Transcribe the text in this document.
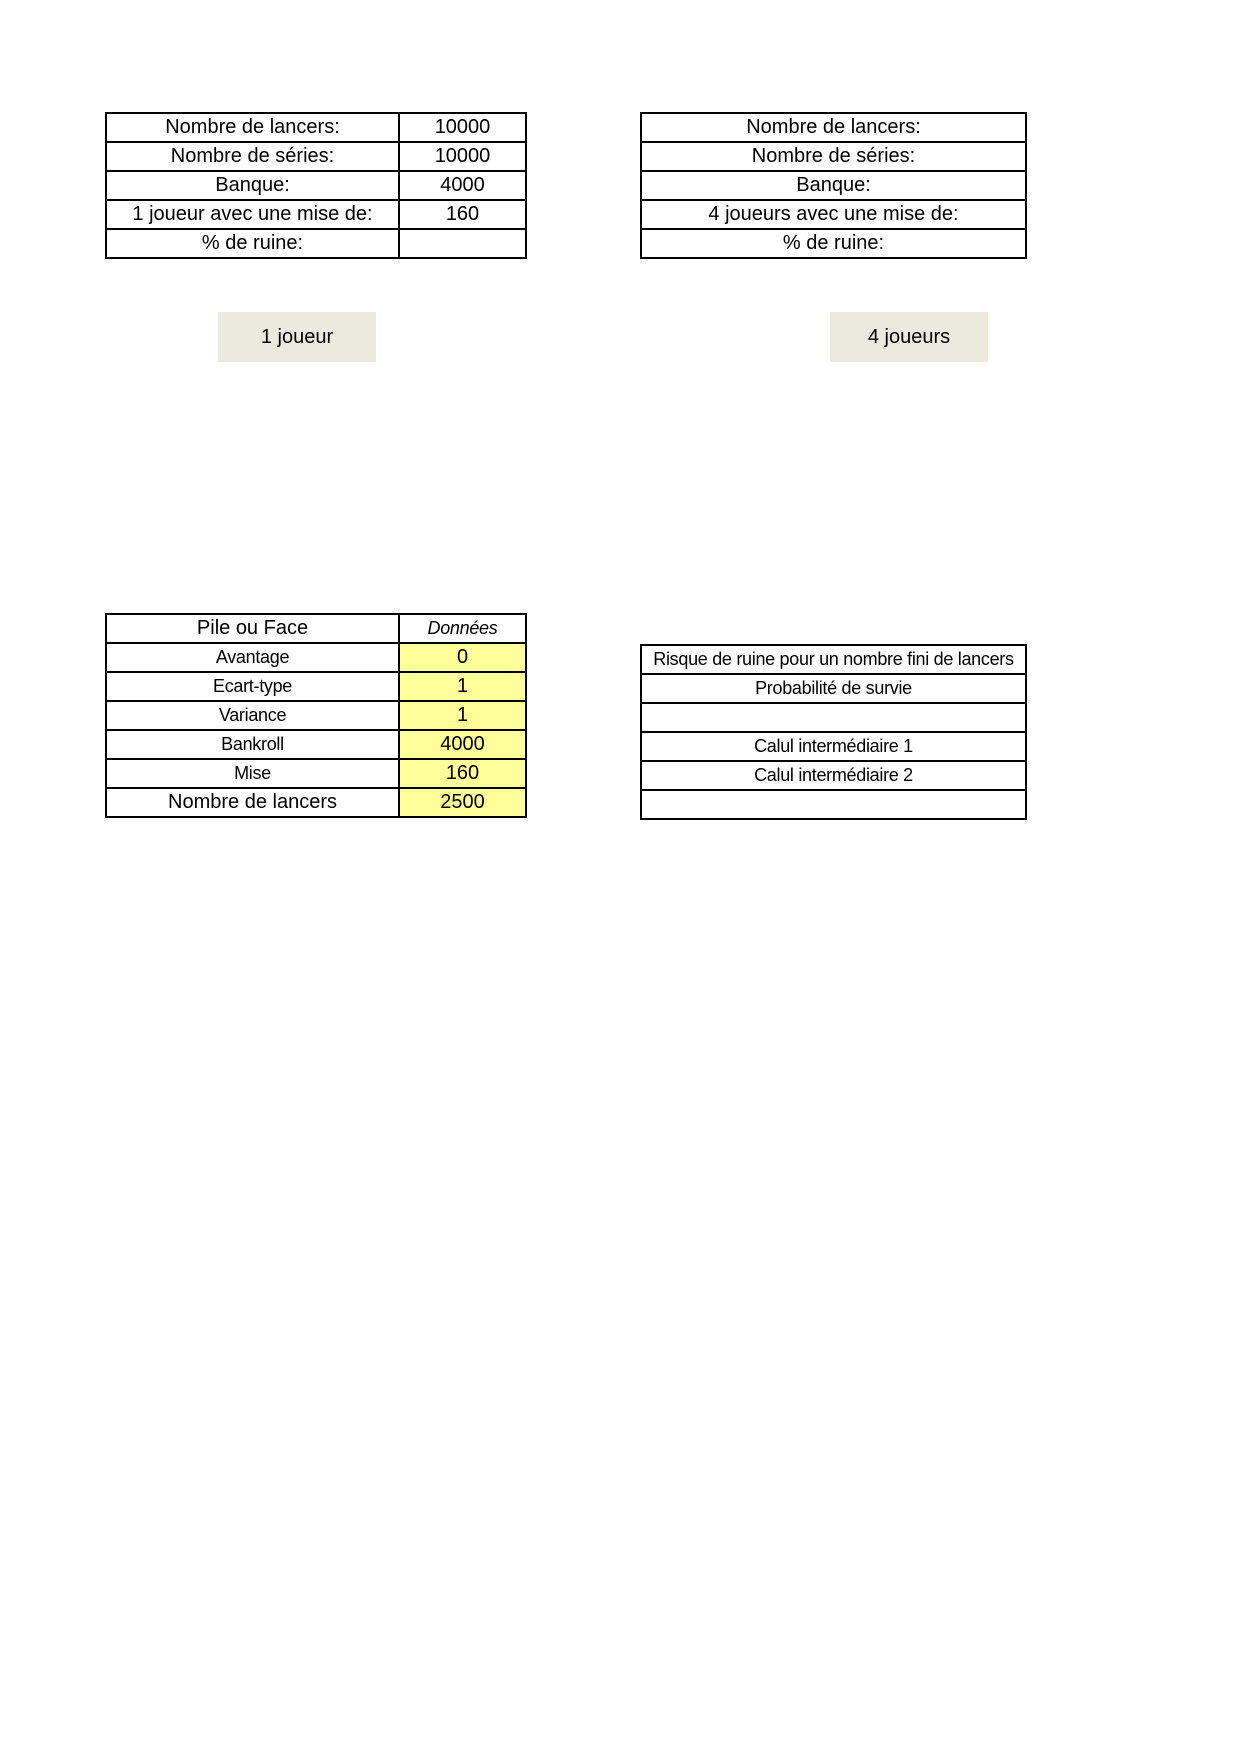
Nombre de lancers:	10000
Nombre de séries:	10000
Banque:	4000
1 joueur avec une mise de:	160
% de ruine:	
Nombre de lancers:
Nombre de séries:
Banque:
4 joueurs avec une mise de:
% de ruine:
1 joueur	4 joueurs
Pile ou Face	Données
Avantage	0
Ecart-type	1
Variance	1
Bankroll	4000
Mise	160
Nombre de lancers	2500
Risque de ruine pour un nombre fini de lancers
Probabilité de survie

Calul intermédiaire 1
Calul intermédiaire 2
